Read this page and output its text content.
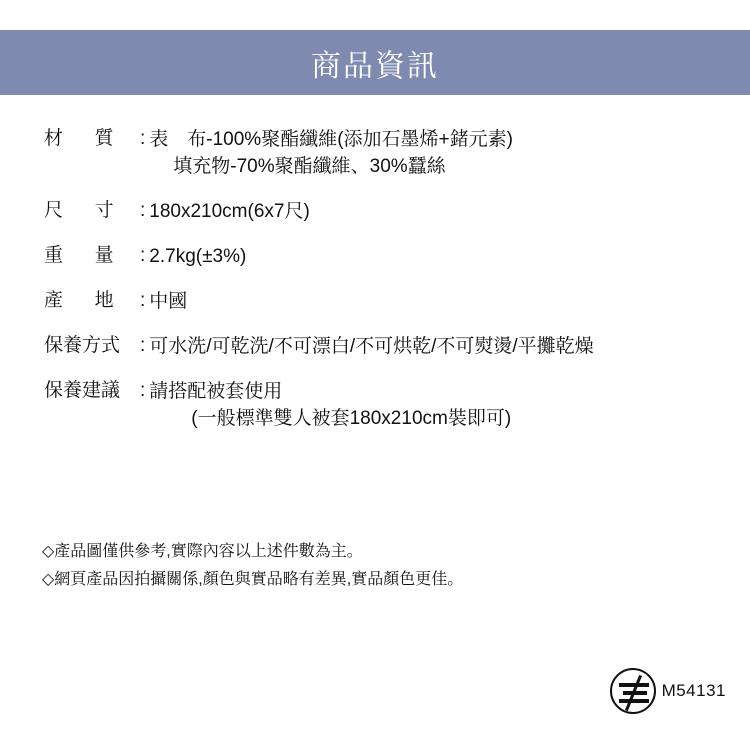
商品資訊
材      質	: 表　布-100%聚酯纖維(添加石墨烯+鍺元素)
填充物-70%聚酯纖維、30%蠶絲
尺      寸	: 180x210cm(6x7尺)
重      量	: 2.7kg(±3%)
產      地	: 中國
保養方式	: 可水洗/可乾洗/不可漂白/不可烘乾/不可熨燙/平攤乾燥
保養建議	: 請搭配被套使用
(一般標準雙人被套180x210cm裝即可)
◇產品圖僅供參考,實際內容以上述件數為主。
◇網頁產品因拍攝關係,顏色與實品略有差異,實品顏色更佳。
M54131
